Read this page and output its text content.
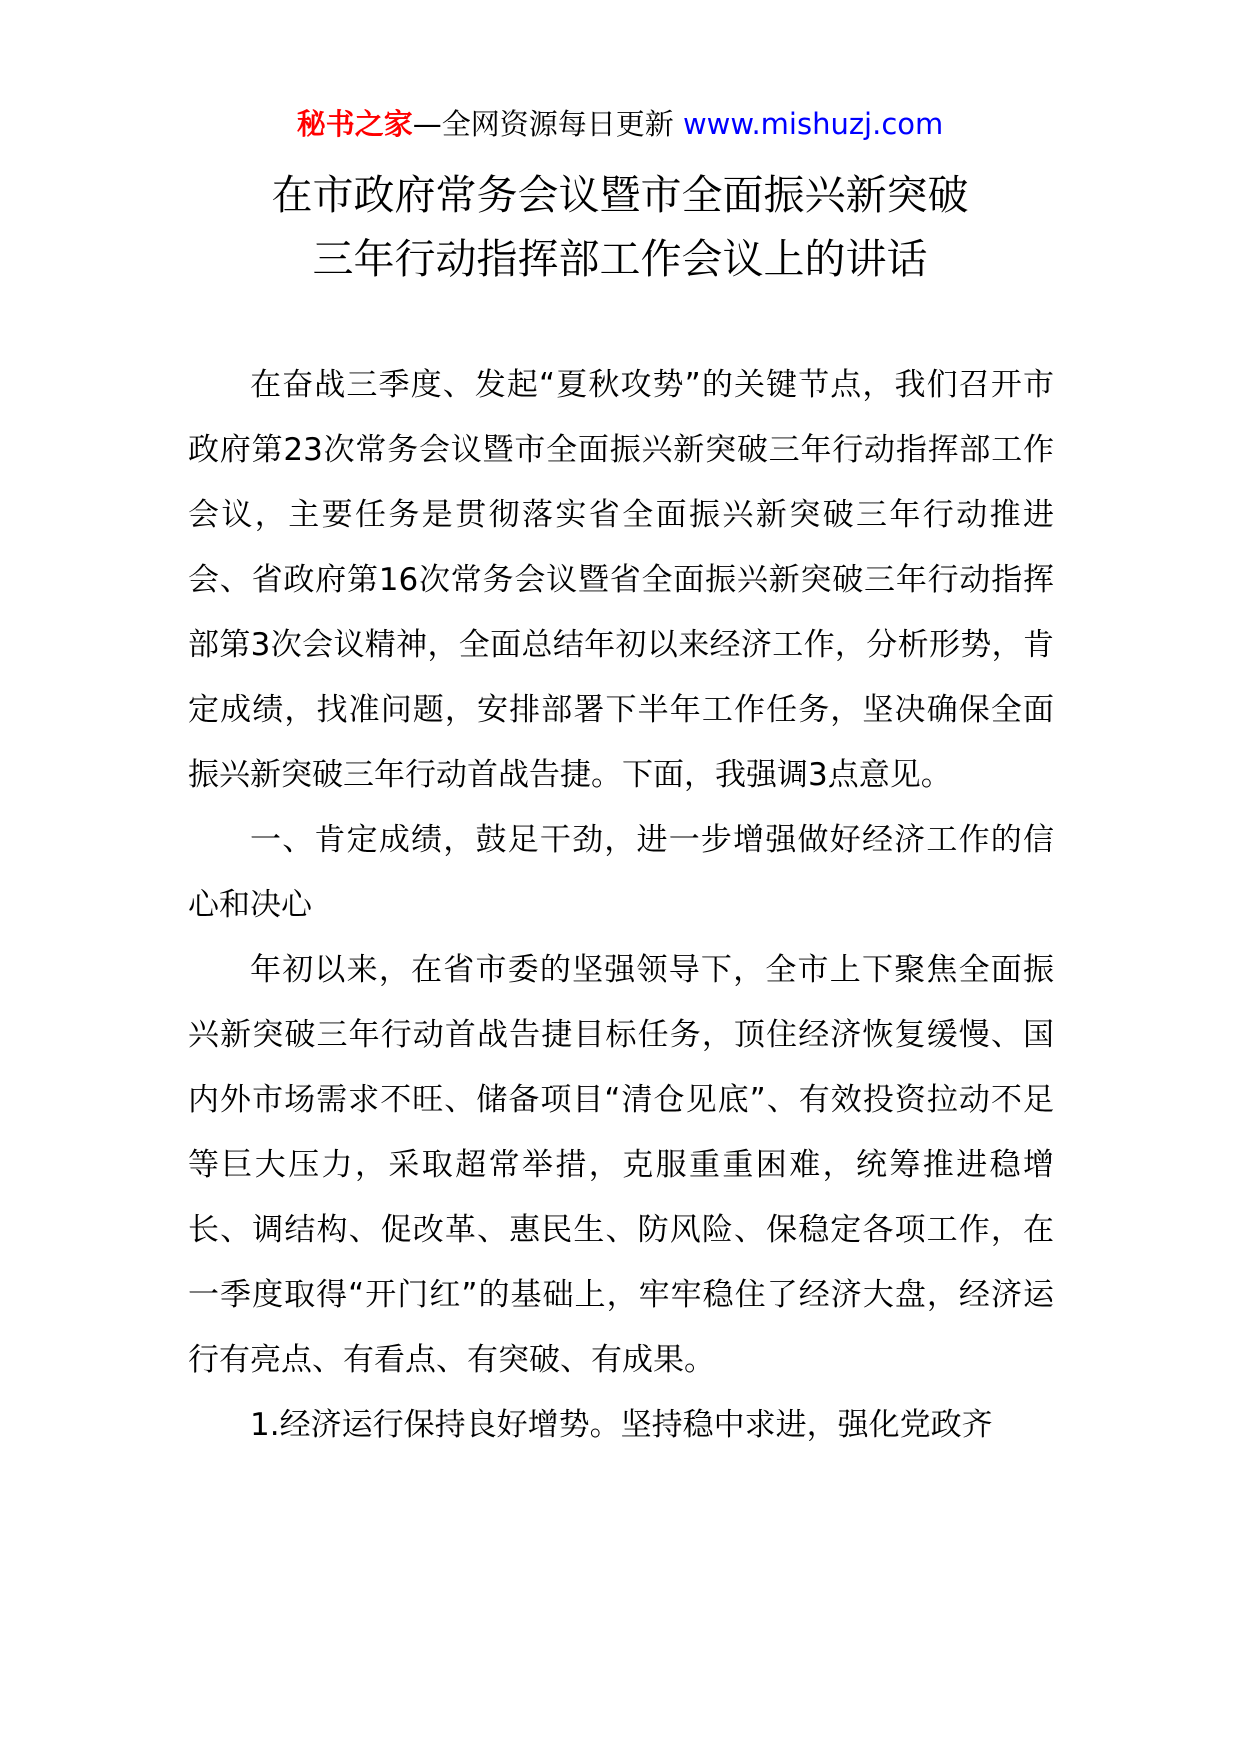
秘书之家—全网资源每日更新 www.mishuzj.com
在市政府常务会议暨市全面振兴新突破
三年行动指挥部工作会议上的讲话

在奋战三季度、发起“夏秋攻势”的关键节点，我们召开市政府第23次常务会议暨市全面振兴新突破三年行动指挥部工作会议，主要任务是贯彻落实省全面振兴新突破三年行动推进会、省政府第16次常务会议暨省全面振兴新突破三年行动指挥部第3次会议精神，全面总结年初以来经济工作，分析形势，肯定成绩，找准问题，安排部署下半年工作任务，坚决确保全面振兴新突破三年行动首战告捷。下面，我强调3点意见。

一、肯定成绩，鼓足干劲，进一步增强做好经济工作的信心和决心

年初以来，在省市委的坚强领导下，全市上下聚焦全面振兴新突破三年行动首战告捷目标任务，顶住经济恢复缓慢、国内外市场需求不旺、储备项目“清仓见底”、有效投资拉动不足等巨大压力，采取超常举措，克服重重困难，统筹推进稳增长、调结构、促改革、惠民生、防风险、保稳定各项工作，在一季度取得“开门红”的基础上，牢牢稳住了经济大盘，经济运行有亮点、有看点、有突破、有成果。

1.经济运行保持良好增势。坚持稳中求进，强化党政齐
